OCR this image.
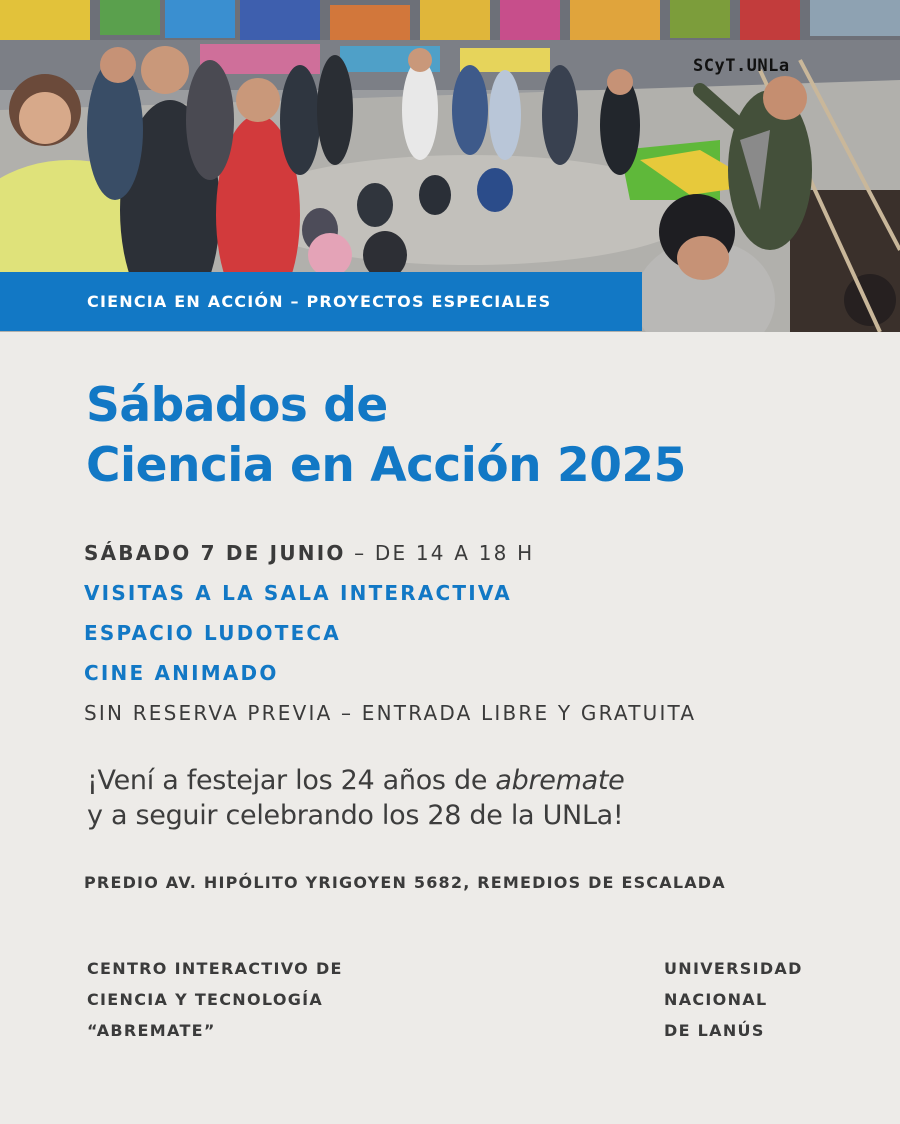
SCyT.UNLa
CIENCIA EN ACCIÓN – PROYECTOS ESPECIALES
Sábados de
Ciencia en Acción 2025
SÁBADO 7 DE JUNIO – DE 14 A 18 H
VISITAS A LA SALA INTERACTIVA
ESPACIO LUDOTECA
CINE ANIMADO
SIN RESERVA PREVIA – ENTRADA LIBRE Y GRATUITA
¡Vení a festejar los 24 años de abremate
y a seguir celebrando los 28 de la UNLa!
PREDIO AV. HIPÓLITO YRIGOYEN 5682, REMEDIOS DE ESCALADA
CENTRO INTERACTIVO DE
CIENCIA Y TECNOLOGÍA
“ABREMATE”
UNIVERSIDAD
NACIONAL
DE LANÚS
